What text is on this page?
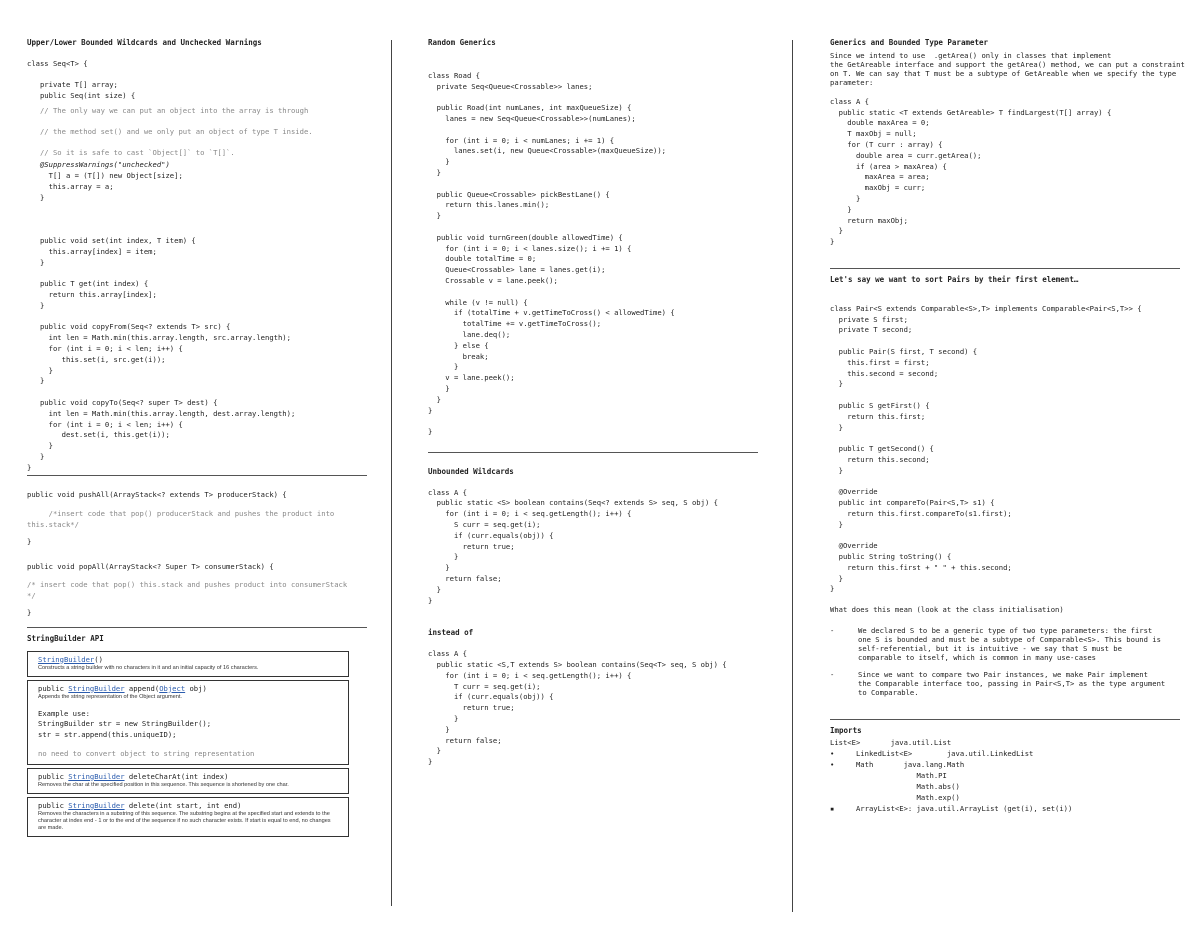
Upper/Lower Bounded Wildcards and Unchecked Warnings
class Seq<T> {

private T[] array;
public Seq(int size) {
// The only way we can put an object into the array is through
// the method set() and we only put an object of type T inside.
// So it is safe to cast `Object[]` to `T[]`.
@SuppressWarnings("unchecked")
T[] a = (T[]) new Object[size];
this.array = a;
}

public void set(int index, T item) {
this.array[index] = item;
}

public T get(int index) {
return this.array[index];
}

public void copyFrom(Seq<? extends T> src) {
int len = Math.min(this.array.length, src.array.length);
for (int i = 0; i < len; i++) {
this.set(i, src.get(i));
}
}

public void copyTo(Seq<? super T> dest) {
int len = Math.min(this.array.length, dest.array.length);
for (int i = 0; i < len; i++) {
dest.set(i, this.get(i));
}
}
}
public void pushAll(ArrayStack<? extends T> producerStack) {
/*insert code that pop() producerStack and pushes the product into
this.stack*/
}
public void popAll(ArrayStack<? Super T> consumerStack) {
/* insert code that pop() this.stack and pushes product into consumerStack
*/
}
StringBuilder API
StringBuilder()
Constructs a string builder with no characters in it and an initial capacity of 16 characters.
public StringBuilder append(Object obj)
Appends the string representation of the Object argument.
Example use:
StringBuilder str = new StringBuilder();
str = str.append(this.uniqueID);
no need to convert object to string representation
public StringBuilder deleteCharAt(int index)
Removes the char at the specified position in this sequence. This sequence is shortened by one char.
public StringBuilder delete(int start, int end)
Removes the characters in a substring of this sequence. The substring begins at the specified start and extends to the character at index end - 1 or to the end of the sequence if no such character exists. If start is equal to end, no changes are made.
Random Generics
class Road {
private Seq<Queue<Crossable>> lanes;

public Road(int numLanes, int maxQueueSize) {
lanes = new Seq<Queue<Crossable>>(numLanes);

for (int i = 0; i < numLanes; i += 1) {
lanes.set(i, new Queue<Crossable>(maxQueueSize));
}
}

public Queue<Crossable> pickBestLane() {
return this.lanes.min();
}

public void turnGreen(double allowedTime) {
for (int i = 0; i < lanes.size(); i += 1) {
double totalTime = 0;
Queue<Crossable> lane = lanes.get(i);
Crossable v = lane.peek();

while (v != null) {
if (totalTime + v.getTimeToCross() < allowedTime) {
totalTime += v.getTimeToCross();
lane.deq();
} else {
break;
}
v = lane.peek();
}
}
}

}
Unbounded Wildcards
class A {
public static <S> boolean contains(Seq<? extends S> seq, S obj) {
for (int i = 0; i < seq.getLength(); i++) {
S curr = seq.get(i);
if (curr.equals(obj)) {
return true;
}
}
return false;
}
}
instead of
class A {
public static <S,T extends S> boolean contains(Seq<T> seq, S obj) {
for (int i = 0; i < seq.getLength(); i++) {
T curr = seq.get(i);
if (curr.equals(obj)) {
return true;
}
}
return false;
}
}
Generics and Bounded Type Parameter
Since we intend to use  .getArea() only in classes that implement
the GetAreable interface and support the getArea() method, we can put a constraint
on T. We can say that T must be a subtype of GetAreable when we specify the type
parameter:
class A {
public static <T extends GetAreable> T findLargest(T[] array) {
double maxArea = 0;
T maxObj = null;
for (T curr : array) {
double area = curr.getArea();
if (area > maxArea) {
maxArea = area;
maxObj = curr;
}
}
return maxObj;
}
}
Let's say we want to sort Pairs by their first element…
class Pair<S extends Comparable<S>,T> implements Comparable<Pair<S,T>> {
private S first;
private T second;

public Pair(S first, T second) {
this.first = first;
this.second = second;
}

public S getFirst() {
return this.first;
}

public T getSecond() {
return this.second;
}

@Override
public int compareTo(Pair<S,T> s1) {
return this.first.compareTo(s1.first);
}

@Override
public String toString() {
return this.first + " " + this.second;
}
}
What does this mean (look at the class initialisation)
-	We declared S to be a generic type of two type parameters: the first
one S is bounded and must be a subtype of Comparable<S>. This bound is
self-referential, but it is intuitive - we say that S must be
comparable to itself, which is common in many use-cases
-	Since we want to compare two Pair instances, we make Pair implement
the Comparable interface too, passing in Pair<S,T> as the type argument
to Comparable.
Imports
List<E>       java.util.List
•     LinkedList<E>        java.util.LinkedList
•     Math       java.lang.Math
Math.PI
Math.abs()
Math.exp()
▪     ArrayList<E>: java.util.ArrayList (get(i), set(i))
